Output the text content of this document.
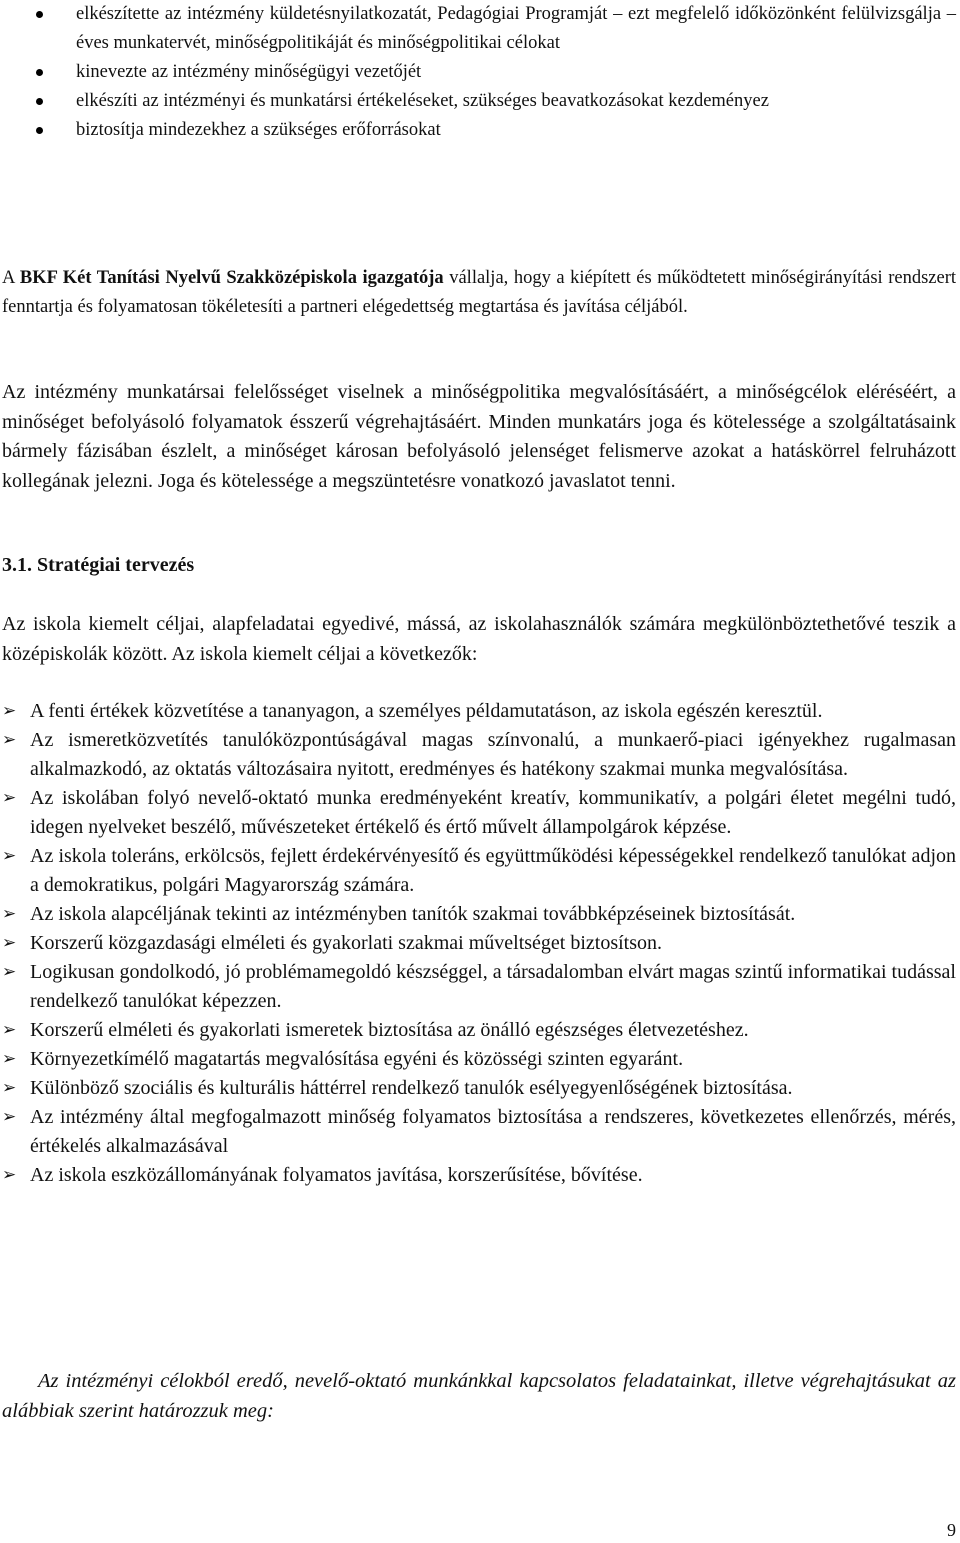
elkészítette az intézmény küldetésnyilatkozatát, Pedagógiai Programját – ezt megfelelő időközönként felülvizsgálja – éves munkatervét, minőségpolitikáját és minőségpolitikai célokat
kinevezte az intézmény minőségügyi vezetőjét
elkészíti az intézményi és munkatársi értékeléseket, szükséges beavatkozásokat kezdeményez
biztosítja mindezekhez a szükséges erőforrásokat

A BKF Két Tanítási Nyelvű Szakközépiskola igazgatója vállalja, hogy a kiépített és működtetett minőségirányítási rendszert fenntartja és folyamatosan tökéletesíti a partneri elégedettség megtartása és javítása céljából.

Az intézmény munkatársai felelősséget viselnek a minőségpolitika megvalósításáért, a minőségcélok eléréséért, a minőséget befolyásoló folyamatok ésszerű végrehajtásáért. Minden munkatárs joga és kötelessége a szolgáltatásaink bármely fázisában észlelt, a minőséget károsan befolyásoló jelenséget felismerve azokat a hatáskörrel felruházott kollegának jelezni. Joga és kötelessége a megszüntetésre vonatkozó javaslatot tenni.

3.1. Stratégiai tervezés

Az iskola kiemelt céljai, alapfeladatai egyedivé, mássá, az iskolahasználók számára megkülönböztethetővé teszik a középiskolák között. Az iskola kiemelt céljai a következők:

➢ A fenti értékek közvetítése a tananyagon, a személyes példamutatáson, az iskola egészén keresztül.
➢ Az ismeretközvetítés tanulóközpontúságával magas színvonalú, a munkaerő-piaci igényekhez rugalmasan alkalmazkodó, az oktatás változásaira nyitott, eredményes és hatékony szakmai munka megvalósítása.
➢ Az iskolában folyó nevelő-oktató munka eredményeként kreatív, kommunikatív, a polgári életet megélni tudó, idegen nyelveket beszélő, művészeteket értékelő és értő művelt állampolgárok képzése.
➢ Az iskola toleráns, erkölcsös, fejlett érdekérvényesítő és együttműködési képességekkel rendelkező tanulókat adjon a demokratikus, polgári Magyarország számára.
➢ Az iskola alapcéljának tekinti az intézményben tanítók szakmai továbbképzéseinek biztosítását.
➢ Korszerű közgazdasági elméleti és gyakorlati szakmai műveltséget biztosítson.
➢ Logikusan gondolkodó, jó problémamegoldó készséggel, a társadalomban elvárt magas szintű informatikai tudással rendelkező tanulókat képezzen.
➢ Korszerű elméleti és gyakorlati ismeretek biztosítása az önálló egészséges életvezetéshez.
➢ Környezetkímélő magatartás megvalósítása egyéni és közösségi szinten egyaránt.
➢ Különböző szociális és kulturális háttérrel rendelkező tanulók esélyegyenlőségének biztosítása.
➢ Az intézmény által megfogalmazott minőség folyamatos biztosítása a rendszeres, következetes ellenőrzés, mérés, értékelés alkalmazásával
➢ Az iskola eszközállományának folyamatos javítása, korszerűsítése, bővítése.

Az intézményi célokból eredő, nevelő-oktató munkánkkal kapcsolatos feladatainkat, illetve végrehajtásukat az alábbiak szerint határozzuk meg:

9
